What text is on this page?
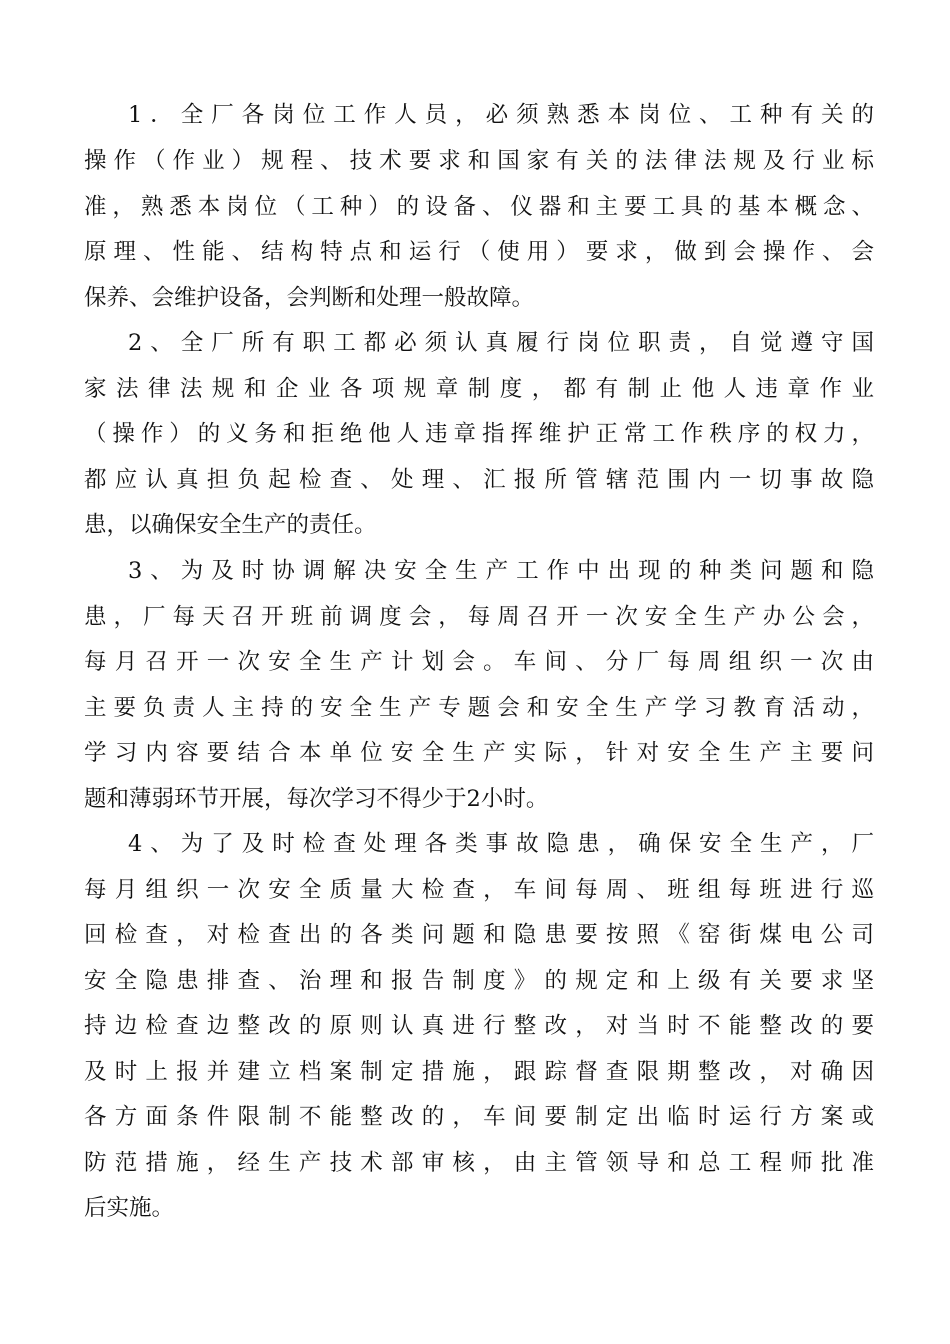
1．全厂各岗位工作人员，必须熟悉本岗位、工种有关的
操作（作业）规程、技术要求和国家有关的法律法规及行业标
准，熟悉本岗位（工种）的设备、仪器和主要工具的基本概念、
原理、性能、结构特点和运行（使用）要求，做到会操作、会
保养、会维护设备，会判断和处理一般故障。
2、全厂所有职工都必须认真履行岗位职责，自觉遵守国
家法律法规和企业各项规章制度，都有制止他人违章作业
（操作）的义务和拒绝他人违章指挥维护正常工作秩序的权力，
都应认真担负起检查、处理、汇报所管辖范围内一切事故隐
患，以确保安全生产的责任。
3、为及时协调解决安全生产工作中出现的种类问题和隐
患，厂每天召开班前调度会，每周召开一次安全生产办公会，
每月召开一次安全生产计划会。车间、分厂每周组织一次由
主要负责人主持的安全生产专题会和安全生产学习教育活动，
学习内容要结合本单位安全生产实际，针对安全生产主要问
题和薄弱环节开展，每次学习不得少于2小时。
4、为了及时检查处理各类事故隐患，确保安全生产，厂
每月组织一次安全质量大检查，车间每周、班组每班进行巡
回检查，对检查出的各类问题和隐患要按照《窑街煤电公司
安全隐患排查、治理和报告制度》的规定和上级有关要求坚
持边检查边整改的原则认真进行整改，对当时不能整改的要
及时上报并建立档案制定措施，跟踪督查限期整改，对确因
各方面条件限制不能整改的，车间要制定出临时运行方案或
防范措施，经生产技术部审核，由主管领导和总工程师批准
后实施。
